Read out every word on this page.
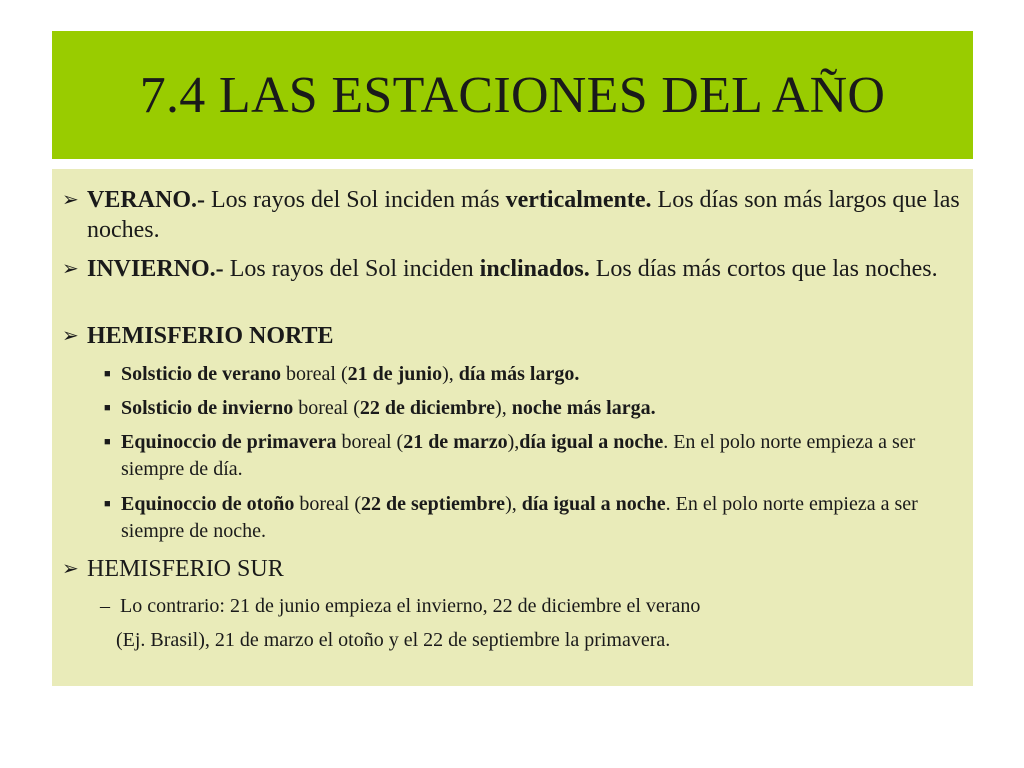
7.4 LAS ESTACIONES DEL AÑO
➢ VERANO.- Los rayos del Sol inciden más verticalmente. Los días son más largos que las noches.
➢ INVIERNO.- Los rayos del Sol inciden inclinados. Los días más cortos que las noches.
➢ HEMISFERIO NORTE
■ Solsticio de verano boreal (21 de junio), día más largo.
■ Solsticio de invierno boreal (22 de diciembre), noche más larga.
■ Equinoccio de primavera boreal (21 de marzo),día igual a noche. En el polo norte empieza a ser siempre de día.
■ Equinoccio de otoño boreal (22 de septiembre), día igual a noche. En el polo norte empieza a ser siempre de noche.
➢ HEMISFERIO SUR
– Lo contrario: 21 de junio empieza el invierno, 22 de diciembre el verano
(Ej. Brasil), 21 de marzo el otoño y el 22 de septiembre la primavera.
